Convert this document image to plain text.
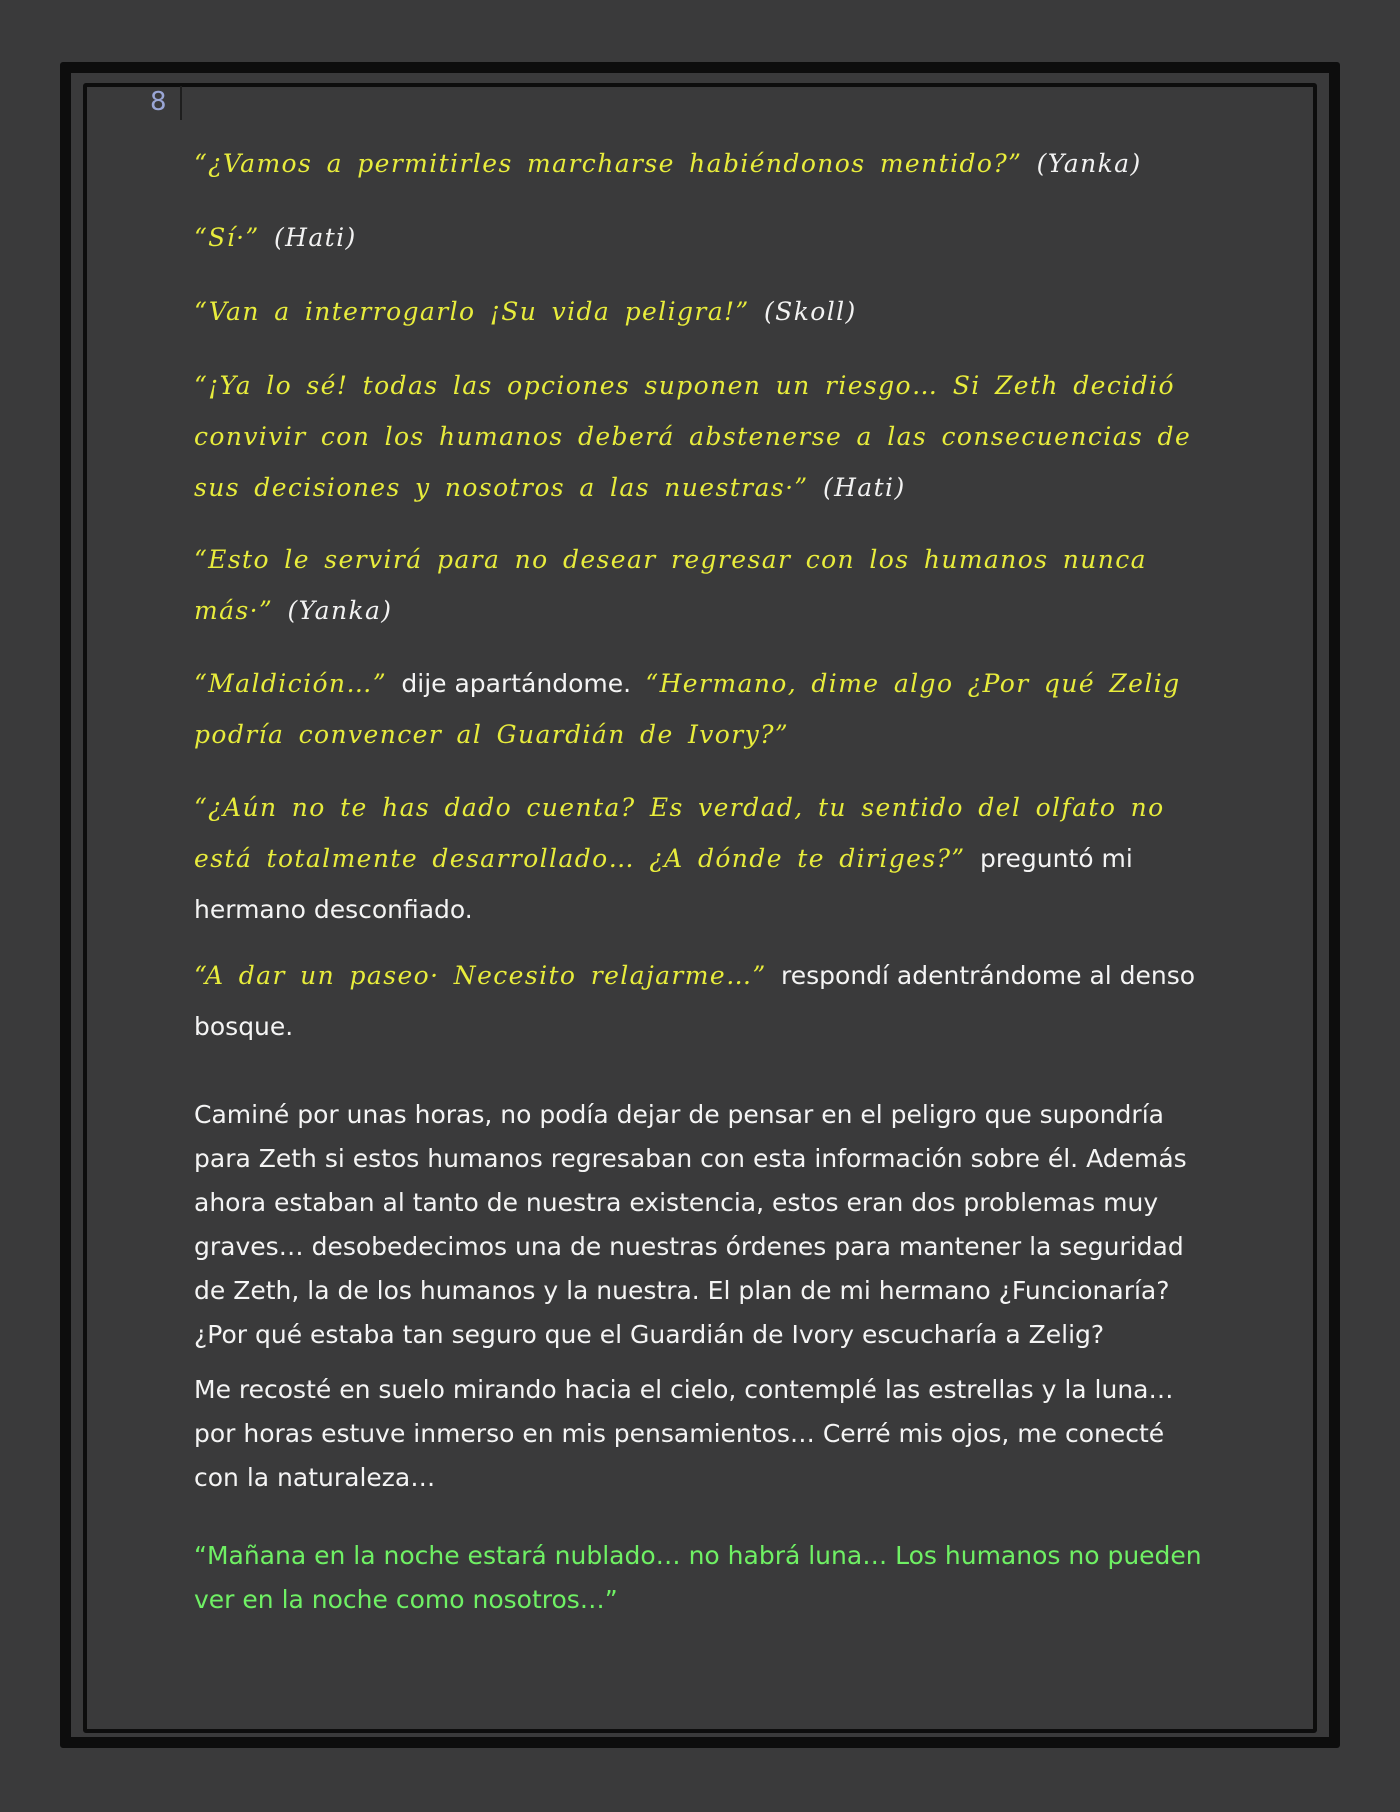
8

“¿Vamos a permitirles marcharse habiéndonos mentido?” (Yanka)

“Sí·” (Hati)

“Van a interrogarlo ¡Su vida peligra!” (Skoll)

“¡Ya lo sé! todas las opciones suponen un riesgo… Si Zeth decidió convivir con los humanos deberá abstenerse a las consecuencias de sus decisiones y nosotros a las nuestras·” (Hati)

“Esto le servirá para no desear regresar con los humanos nunca más·” (Yanka)

“Maldición…” dije apartándome. “Hermano, dime algo ¿Por qué Zelig podría convencer al Guardián de Ivory?”

“¿Aún no te has dado cuenta? Es verdad, tu sentido del olfato no está totalmente desarrollado… ¿A dónde te diriges?” preguntó mi hermano desconfiado.

“A dar un paseo· Necesito relajarme…” respondí adentrándome al denso bosque.

Caminé por unas horas, no podía dejar de pensar en el peligro que supondría para Zeth si estos humanos regresaban con esta información sobre él. Además ahora estaban al tanto de nuestra existencia, estos eran dos problemas muy graves… desobedecimos una de nuestras órdenes para mantener la seguridad de Zeth, la de los humanos y la nuestra. El plan de mi hermano ¿Funcionaría? ¿Por qué estaba tan seguro que el Guardián de Ivory escucharía a Zelig?

Me recosté en suelo mirando hacia el cielo, contemplé las estrellas y la luna… por horas estuve inmerso en mis pensamientos… Cerré mis ojos, me conecté con la naturaleza…

“Mañana en la noche estará nublado… no habrá luna… Los humanos no pueden ver en la noche como nosotros…”
